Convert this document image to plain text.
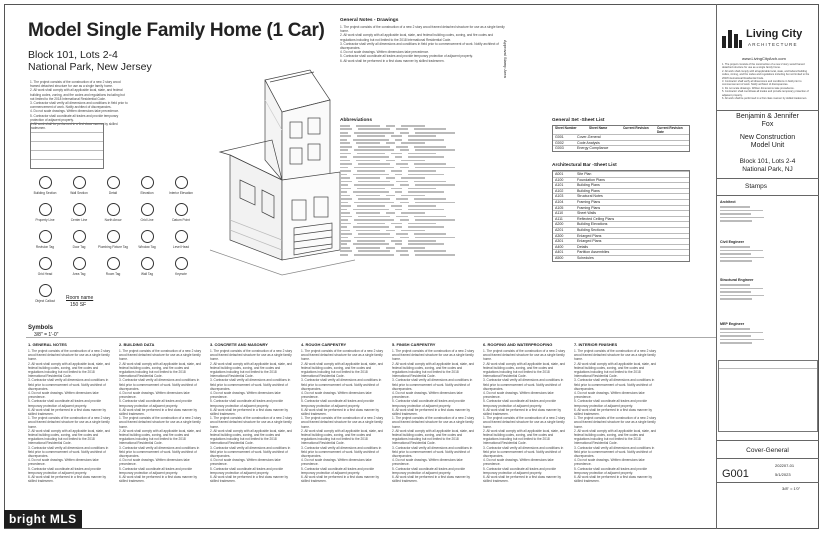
Model Single Family Home (1 Car)
Block 101, Lots 2-4
National Park, New Jersey
1. The project consists of the construction of a new 2 story wood framed detached structure for use as a single family home.
2. All work shall comply with all applicable local, state, and federal building codes, zoning, and fire codes and regulations including but not limited to the 2018 International Residential Code.
3. Contractor shall verify all dimensions and conditions in field prior to commencement of work. Notify architect of discrepancies.
4. Do not scale drawings. Written dimensions take precedence.
5. Contractor shall coordinate all trades and provide temporary protection of adjacent property.
6. All work shall be performed in a first class manner by skilled tradesmen.
Building Section	Wall Section	Detail	Elevation	Interior Elevation
Property Line	Center Line	North Arrow	Grid Line	Datum Point
Revision Tag	Door Tag	Plumbing Fixture Tag	Window Tag	Level Head
Grid Head	Area Tag	Room Tag	Wall Tag	Keynote
Object Callout
Symbols
3/8" = 1'-0"
Room name
150 SF
General Notes - Drawings
1. The project consists of the construction of a new 2 story wood framed detached structure for use as a single family home.
2. All work shall comply with all applicable local, state, and federal building codes, zoning, and fire codes and regulations including but not limited to the 2018 International Residential Code.
3. Contractor shall verify all dimensions and conditions in field prior to commencement of work. Notify architect of discrepancies.
4. Do not scale drawings. Written dimensions take precedence.
5. Contractor shall coordinate all trades and provide temporary protection of adjacent property.
6. All work shall be performed in a first class manner by skilled tradesmen.	Approval Stamp Area
Abbreviations	General Set -Sheet List
Sheet Number	Sheet Name	Current Revision	Current Revision Date
G001	Cover-General
G002	Code Analysis
G003	Energy Compliance
Architectural Bar -Sheet List
A001	Site Plan
A100	Foundation Plans
A101	Building Plans
A102	Building Plans
A103	Structural Notes
A104	Framing Plans
A105	Framing Plans
A110	Sheet Walls
A111	Reflected Ceiling Plans
A200	Building Elevations
A201	Building Sections
A300	Enlarged Plans
A301	Enlarged Plans
A400	Details
A401	Partition Assemblies
A500	Schedules
1. GENERAL NOTES
1. The project consists of the construction of a new 2 story wood framed detached structure for use as a single family home.
2. All work shall comply with all applicable local, state, and federal building codes, zoning, and fire codes and regulations including but not limited to the 2018 International Residential Code.
3. Contractor shall verify all dimensions and conditions in field prior to commencement of work. Notify architect of discrepancies.
4. Do not scale drawings. Written dimensions take precedence.
5. Contractor shall coordinate all trades and provide temporary protection of adjacent property.
6. All work shall be performed in a first class manner by skilled tradesmen.
1. The project consists of the construction of a new 2 story wood framed detached structure for use as a single family home.
2. All work shall comply with all applicable local, state, and federal building codes, zoning, and fire codes and regulations including but not limited to the 2018 International Residential Code.
3. Contractor shall verify all dimensions and conditions in field prior to commencement of work. Notify architect of discrepancies.
4. Do not scale drawings. Written dimensions take precedence.
5. Contractor shall coordinate all trades and provide temporary protection of adjacent property.
6. All work shall be performed in a first class manner by skilled tradesmen.
2. BUILDING DATA
1. The project consists of the construction of a new 2 story wood framed detached structure for use as a single family home.
2. All work shall comply with all applicable local, state, and federal building codes, zoning, and fire codes and regulations including but not limited to the 2018 International Residential Code.
3. Contractor shall verify all dimensions and conditions in field prior to commencement of work. Notify architect of discrepancies.
4. Do not scale drawings. Written dimensions take precedence.
5. Contractor shall coordinate all trades and provide temporary protection of adjacent property.
6. All work shall be performed in a first class manner by skilled tradesmen.
1. The project consists of the construction of a new 2 story wood framed detached structure for use as a single family home.
2. All work shall comply with all applicable local, state, and federal building codes, zoning, and fire codes and regulations including but not limited to the 2018 International Residential Code.
3. Contractor shall verify all dimensions and conditions in field prior to commencement of work. Notify architect of discrepancies.
4. Do not scale drawings. Written dimensions take precedence.
5. Contractor shall coordinate all trades and provide temporary protection of adjacent property.
6. All work shall be performed in a first class manner by skilled tradesmen.
3. CONCRETE AND MASONRY
1. The project consists of the construction of a new 2 story wood framed detached structure for use as a single family home.
2. All work shall comply with all applicable local, state, and federal building codes, zoning, and fire codes and regulations including but not limited to the 2018 International Residential Code.
3. Contractor shall verify all dimensions and conditions in field prior to commencement of work. Notify architect of discrepancies.
4. Do not scale drawings. Written dimensions take precedence.
5. Contractor shall coordinate all trades and provide temporary protection of adjacent property.
6. All work shall be performed in a first class manner by skilled tradesmen.
1. The project consists of the construction of a new 2 story wood framed detached structure for use as a single family home.
2. All work shall comply with all applicable local, state, and federal building codes, zoning, and fire codes and regulations including but not limited to the 2018 International Residential Code.
3. Contractor shall verify all dimensions and conditions in field prior to commencement of work. Notify architect of discrepancies.
4. Do not scale drawings. Written dimensions take precedence.
5. Contractor shall coordinate all trades and provide temporary protection of adjacent property.
6. All work shall be performed in a first class manner by skilled tradesmen.
4. ROUGH CARPENTRY
1. The project consists of the construction of a new 2 story wood framed detached structure for use as a single family home.
2. All work shall comply with all applicable local, state, and federal building codes, zoning, and fire codes and regulations including but not limited to the 2018 International Residential Code.
3. Contractor shall verify all dimensions and conditions in field prior to commencement of work. Notify architect of discrepancies.
4. Do not scale drawings. Written dimensions take precedence.
5. Contractor shall coordinate all trades and provide temporary protection of adjacent property.
6. All work shall be performed in a first class manner by skilled tradesmen.
1. The project consists of the construction of a new 2 story wood framed detached structure for use as a single family home.
2. All work shall comply with all applicable local, state, and federal building codes, zoning, and fire codes and regulations including but not limited to the 2018 International Residential Code.
3. Contractor shall verify all dimensions and conditions in field prior to commencement of work. Notify architect of discrepancies.
4. Do not scale drawings. Written dimensions take precedence.
5. Contractor shall coordinate all trades and provide temporary protection of adjacent property.
6. All work shall be performed in a first class manner by skilled tradesmen.
5. FINISH CARPENTRY
1. The project consists of the construction of a new 2 story wood framed detached structure for use as a single family home.
2. All work shall comply with all applicable local, state, and federal building codes, zoning, and fire codes and regulations including but not limited to the 2018 International Residential Code.
3. Contractor shall verify all dimensions and conditions in field prior to commencement of work. Notify architect of discrepancies.
4. Do not scale drawings. Written dimensions take precedence.
5. Contractor shall coordinate all trades and provide temporary protection of adjacent property.
6. All work shall be performed in a first class manner by skilled tradesmen.
1. The project consists of the construction of a new 2 story wood framed detached structure for use as a single family home.
2. All work shall comply with all applicable local, state, and federal building codes, zoning, and fire codes and regulations including but not limited to the 2018 International Residential Code.
3. Contractor shall verify all dimensions and conditions in field prior to commencement of work. Notify architect of discrepancies.
4. Do not scale drawings. Written dimensions take precedence.
5. Contractor shall coordinate all trades and provide temporary protection of adjacent property.
6. All work shall be performed in a first class manner by skilled tradesmen.
6. ROOFING AND WATERPROOFING
1. The project consists of the construction of a new 2 story wood framed detached structure for use as a single family home.
2. All work shall comply with all applicable local, state, and federal building codes, zoning, and fire codes and regulations including but not limited to the 2018 International Residential Code.
3. Contractor shall verify all dimensions and conditions in field prior to commencement of work. Notify architect of discrepancies.
4. Do not scale drawings. Written dimensions take precedence.
5. Contractor shall coordinate all trades and provide temporary protection of adjacent property.
6. All work shall be performed in a first class manner by skilled tradesmen.
1. The project consists of the construction of a new 2 story wood framed detached structure for use as a single family home.
2. All work shall comply with all applicable local, state, and federal building codes, zoning, and fire codes and regulations including but not limited to the 2018 International Residential Code.
3. Contractor shall verify all dimensions and conditions in field prior to commencement of work. Notify architect of discrepancies.
4. Do not scale drawings. Written dimensions take precedence.
5. Contractor shall coordinate all trades and provide temporary protection of adjacent property.
6. All work shall be performed in a first class manner by skilled tradesmen.
7. INTERIOR FINISHES
1. The project consists of the construction of a new 2 story wood framed detached structure for use as a single family home.
2. All work shall comply with all applicable local, state, and federal building codes, zoning, and fire codes and regulations including but not limited to the 2018 International Residential Code.
3. Contractor shall verify all dimensions and conditions in field prior to commencement of work. Notify architect of discrepancies.
4. Do not scale drawings. Written dimensions take precedence.
5. Contractor shall coordinate all trades and provide temporary protection of adjacent property.
6. All work shall be performed in a first class manner by skilled tradesmen.
1. The project consists of the construction of a new 2 story wood framed detached structure for use as a single family home.
2. All work shall comply with all applicable local, state, and federal building codes, zoning, and fire codes and regulations including but not limited to the 2018 International Residential Code.
3. Contractor shall verify all dimensions and conditions in field prior to commencement of work. Notify architect of discrepancies.
4. Do not scale drawings. Written dimensions take precedence.
5. Contractor shall coordinate all trades and provide temporary protection of adjacent property.
6. All work shall be performed in a first class manner by skilled tradesmen.
Living City
ARCHITECTURE
www.LivingCityArch.com
1. The project consists of the construction of a new 2 story wood framed detached structure for use as a single family home.
2. All work shall comply with all applicable local, state, and federal building codes, zoning, and fire codes and regulations including but not limited to the 2018 International Residential Code.
3. Contractor shall verify all dimensions and conditions in field prior to commencement of work. Notify architect of discrepancies.
4. Do not scale drawings. Written dimensions take precedence.
5. Contractor shall coordinate all trades and provide temporary protection of adjacent property.
6. All work shall be performed in a first class manner by skilled tradesmen.
Benjamin & Jennifer
Fox
New Construction
Model Unit
Block 101, Lots 2-4
National Park, NJ
Stamps
Architect
Civil Engineer
Structural Engineer
MEP Engineer
Cover-General
G001
202207-01
5/1/2023
3/8" = 1'0"
bright MLS
